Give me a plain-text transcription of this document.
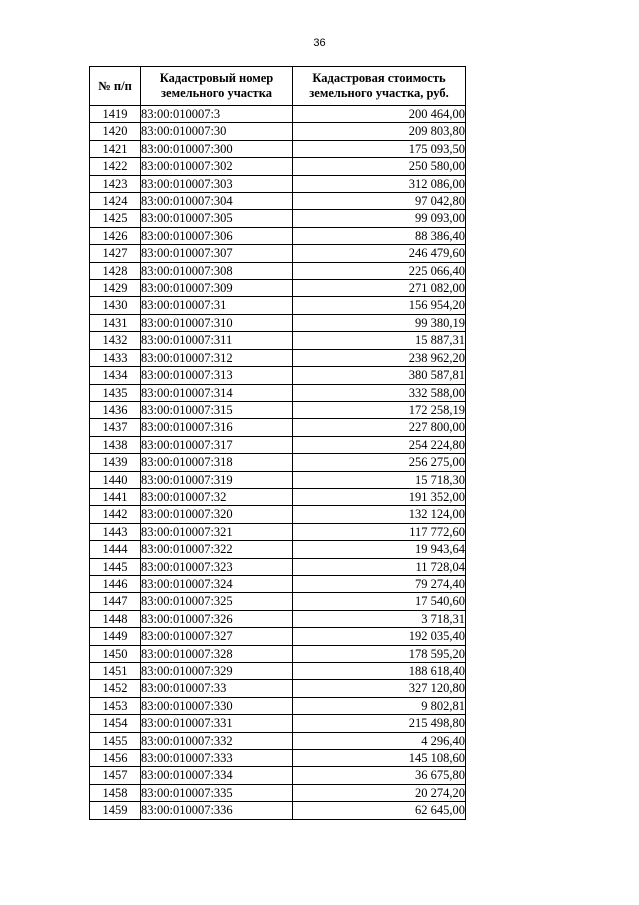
36
№ п/п	Кадастровый номер земельного участка	Кадастровая стоимость земельного участка, руб.
1419	83:00:010007:3	200 464,00
1420	83:00:010007:30	209 803,80
1421	83:00:010007:300	175 093,50
1422	83:00:010007:302	250 580,00
1423	83:00:010007:303	312 086,00
1424	83:00:010007:304	97 042,80
1425	83:00:010007:305	99 093,00
1426	83:00:010007:306	88 386,40
1427	83:00:010007:307	246 479,60
1428	83:00:010007:308	225 066,40
1429	83:00:010007:309	271 082,00
1430	83:00:010007:31	156 954,20
1431	83:00:010007:310	99 380,19
1432	83:00:010007:311	15 887,31
1433	83:00:010007:312	238 962,20
1434	83:00:010007:313	380 587,81
1435	83:00:010007:314	332 588,00
1436	83:00:010007:315	172 258,19
1437	83:00:010007:316	227 800,00
1438	83:00:010007:317	254 224,80
1439	83:00:010007:318	256 275,00
1440	83:00:010007:319	15 718,30
1441	83:00:010007:32	191 352,00
1442	83:00:010007:320	132 124,00
1443	83:00:010007:321	117 772,60
1444	83:00:010007:322	19 943,64
1445	83:00:010007:323	11 728,04
1446	83:00:010007:324	79 274,40
1447	83:00:010007:325	17 540,60
1448	83:00:010007:326	3 718,31
1449	83:00:010007:327	192 035,40
1450	83:00:010007:328	178 595,20
1451	83:00:010007:329	188 618,40
1452	83:00:010007:33	327 120,80
1453	83:00:010007:330	9 802,81
1454	83:00:010007:331	215 498,80
1455	83:00:010007:332	4 296,40
1456	83:00:010007:333	145 108,60
1457	83:00:010007:334	36 675,80
1458	83:00:010007:335	20 274,20
1459	83:00:010007:336	62 645,00
